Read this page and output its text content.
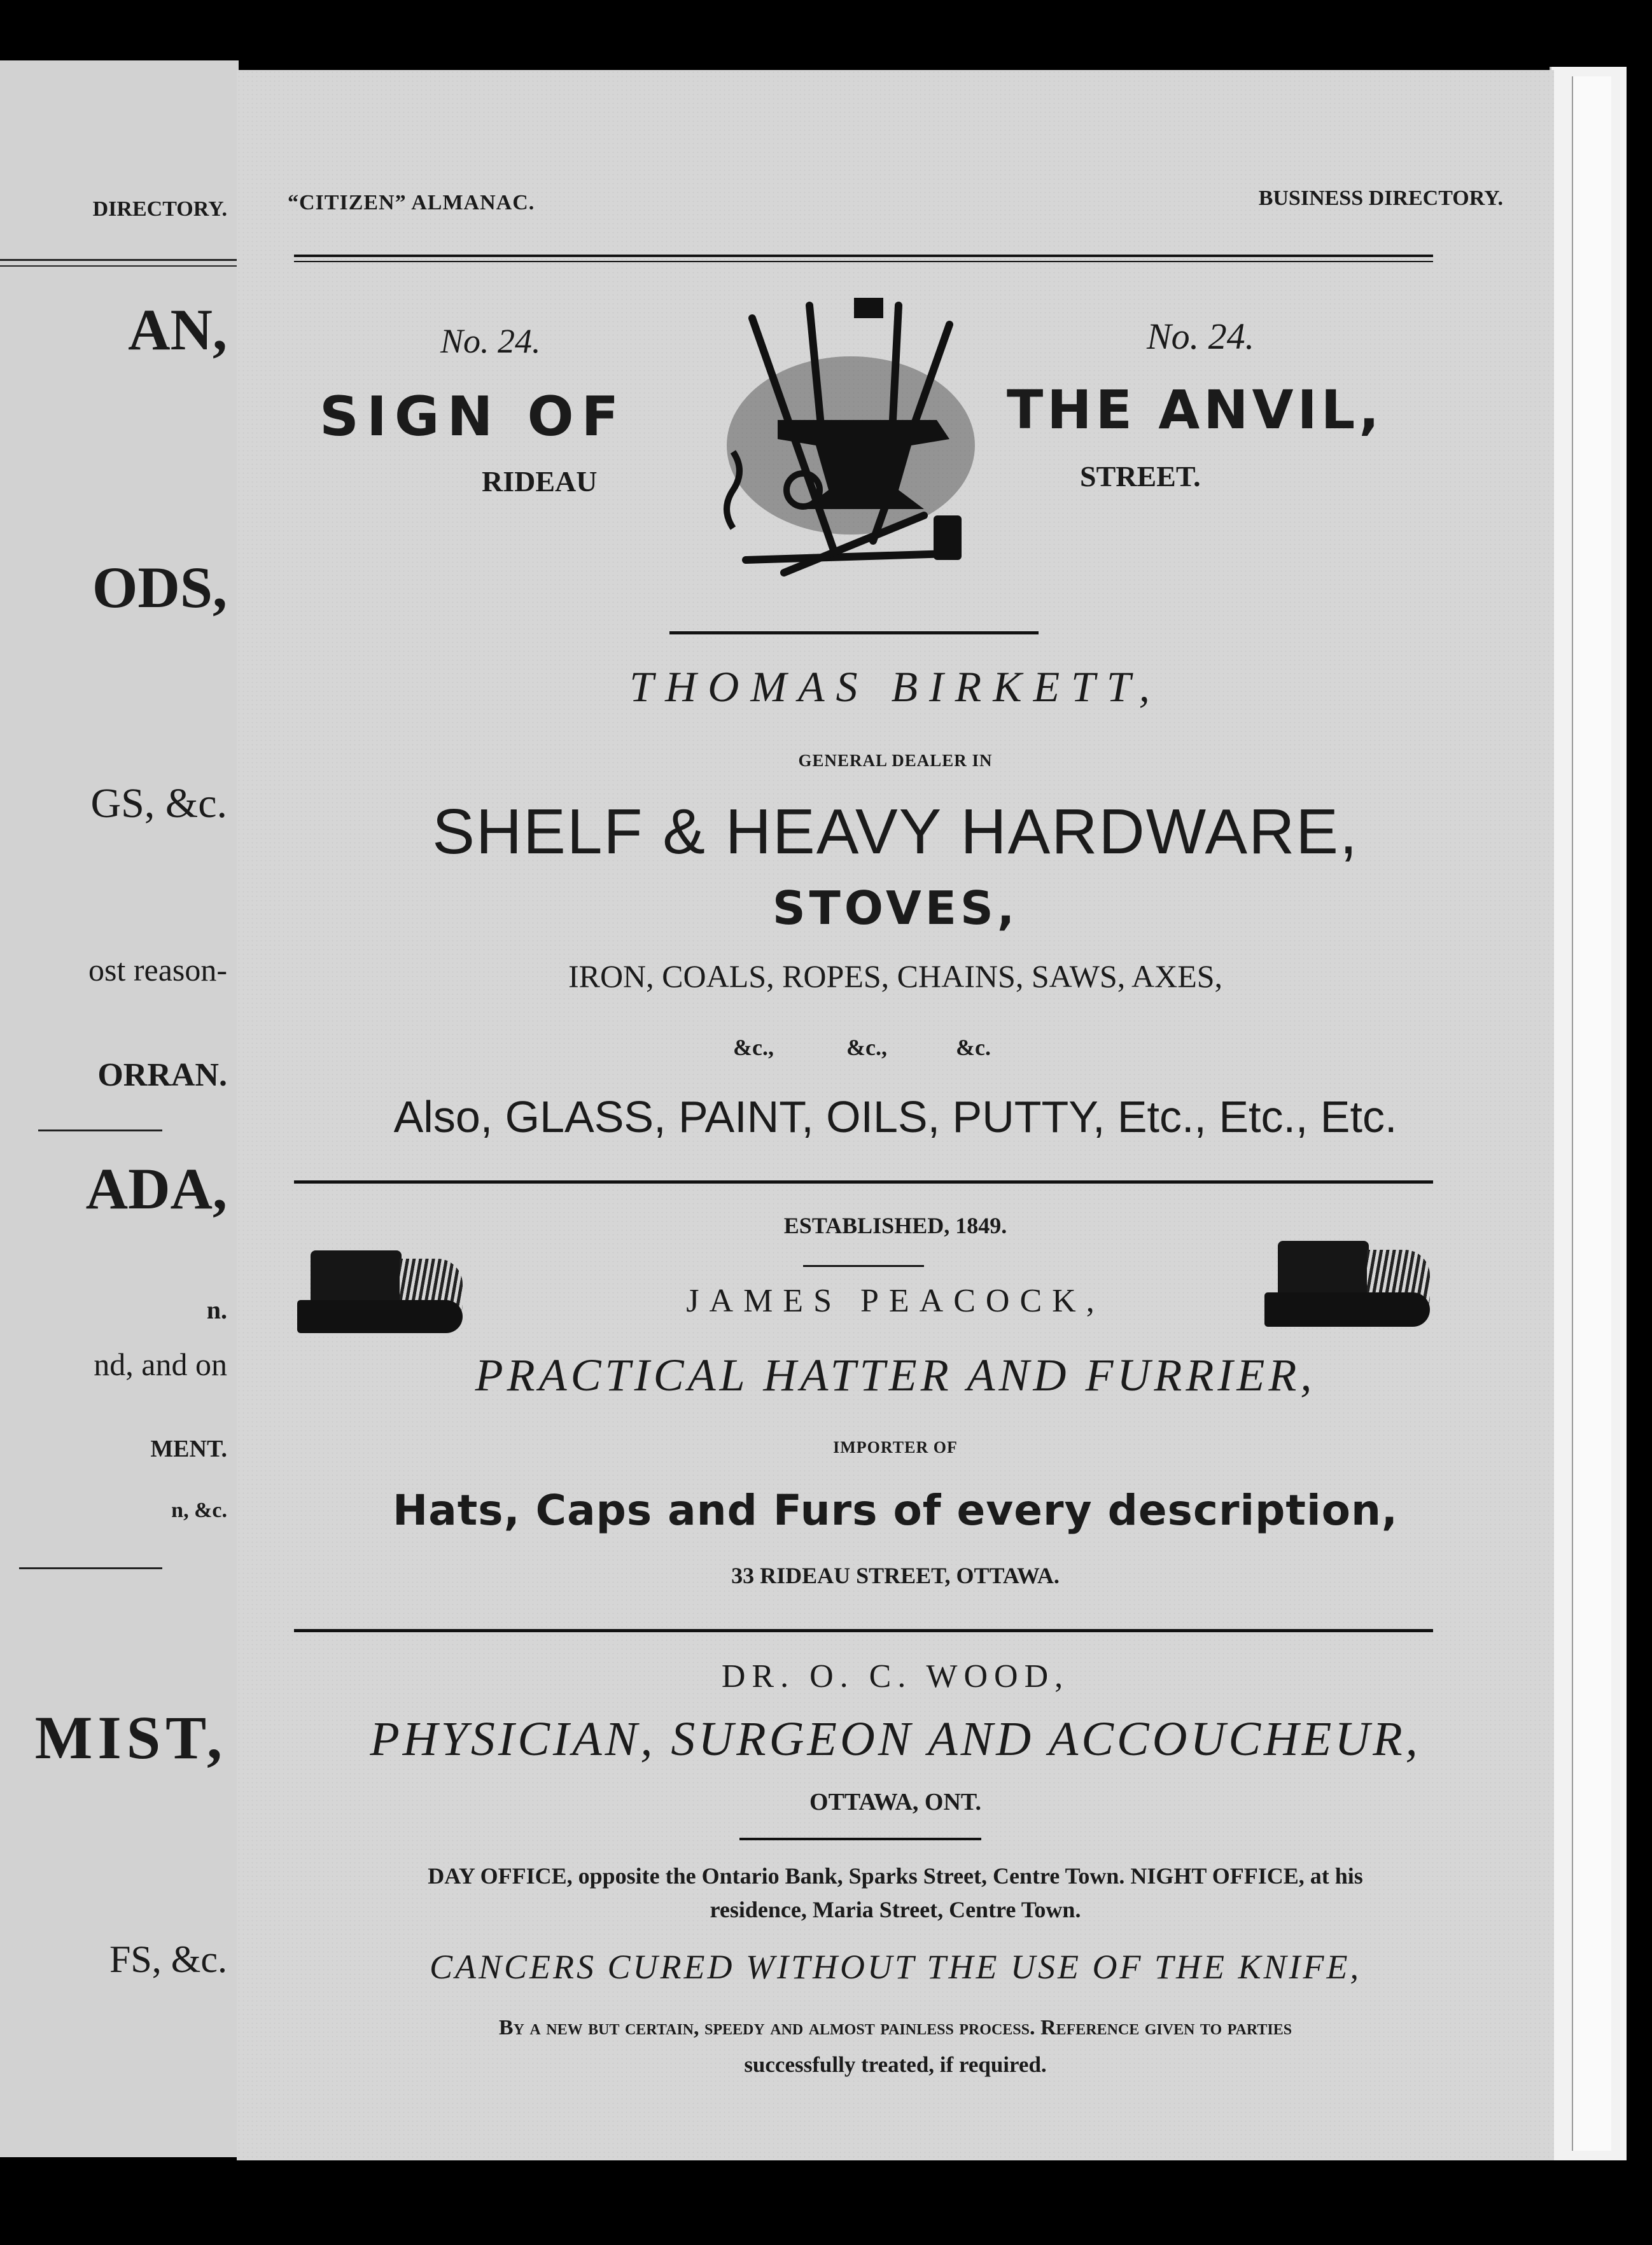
DIRECTORY.
AN,
ODS,
GS, &c.
ost reason-
ORRAN.
ADA,
n.
nd, and on
MENT.
n, &c.
MIST,
FS, &c.
“CITIZEN” ALMANAC.	BUSINESS DIRECTORY.
No. 24.	No. 24.
SIGN OF	THE ANVIL,
RIDEAU	STREET.
THOMAS BIRKETT,
GENERAL DEALER IN
SHELF & HEAVY HARDWARE,
STOVES,
IRON, COALS, ROPES, CHAINS, SAWS, AXES,
&c.,	&c.,	&c.
Also, GLASS, PAINT, OILS, PUTTY, Etc., Etc., Etc.
ESTABLISHED, 1849.
JAMES PEACOCK,
PRACTICAL HATTER AND FURRIER,
IMPORTER OF
Hats, Caps and Furs of every description,
33 RIDEAU STREET, OTTAWA.
DR. O. C. WOOD,
PHYSICIAN, SURGEON AND ACCOUCHEUR,
OTTAWA, ONT.
DAY OFFICE, opposite the Ontario Bank, Sparks Street, Centre Town. NIGHT OFFICE, at his
residence, Maria Street, Centre Town.
CANCERS CURED WITHOUT THE USE OF THE KNIFE,
By a new but certain, speedy and almost painless process. Reference given to parties
successfully treated, if required.
